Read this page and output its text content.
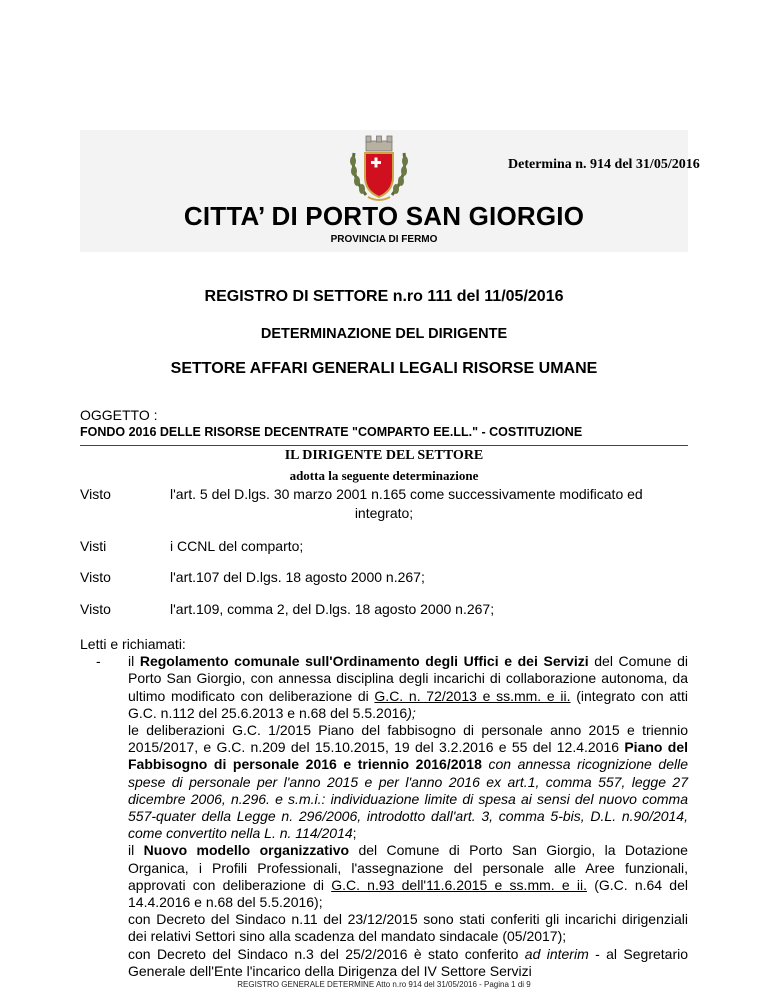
Determina n. 914 del 31/05/2016
CITTA’ DI PORTO SAN GIORGIO
PROVINCIA DI FERMO
REGISTRO DI SETTORE n.ro 111 del 11/05/2016
DETERMINAZIONE DEL DIRIGENTE
SETTORE AFFARI GENERALI LEGALI RISORSE UMANE
OGGETTO :
FONDO 2016 DELLE RISORSE DECENTRATE "COMPARTO EE.LL." - COSTITUZIONE
IL DIRIGENTE DEL SETTORE
adotta la seguente determinazione
Visto	l'art. 5 del D.lgs. 30 marzo 2001 n.165 come successivamente modificato ed
integrato;
Visti	i CCNL del comparto;
Visto	l'art.107 del D.lgs. 18 agosto 2000 n.267;
Visto	l'art.109, comma 2, del D.lgs. 18 agosto 2000 n.267;

Letti e richiamati:

- il Regolamento comunale sull'Ordinamento degli Uffici e dei Servizi del Comune di Porto San Giorgio, con annessa disciplina degli incarichi di collaborazione autonoma, da ultimo modificato con deliberazione di G.C. n. 72/2013 e ss.mm. e ii. (integrato con atti G.C. n.112 del 25.6.2013 e n.68 del 5.5.2016);

le deliberazioni G.C. 1/2015 Piano del fabbisogno di personale anno 2015 e triennio 2015/2017, e G.C. n.209 del 15.10.2015, 19 del 3.2.2016 e 55 del 12.4.2016 Piano del Fabbisogno di personale 2016 e triennio 2016/2018 con annessa ricognizione delle spese di personale per l'anno 2015 e per l'anno 2016 ex art.1, comma 557, legge 27 dicembre 2006, n.296. e s.m.i.: individuazione limite di spesa ai sensi del nuovo comma 557-quater della Legge n. 296/2006, introdotto dall'art. 3, comma 5-bis, D.L. n.90/2014, come convertito nella L. n. 114/2014;

il Nuovo modello organizzativo del Comune di Porto San Giorgio, la Dotazione Organica, i Profili Professionali, l'assegnazione del personale alle Aree funzionali, approvati con deliberazione di G.C. n.93 dell'11.6.2015 e ss.mm. e ii. (G.C. n.64 del 14.4.2016 e n.68 del 5.5.2016);

con Decreto del Sindaco n.11 del 23/12/2015 sono stati conferiti gli incarichi dirigenziali dei relativi Settori sino alla scadenza del mandato sindacale (05/2017);

con Decreto del Sindaco n.3 del 25/2/2016 è stato conferito ad interim - al Segretario Generale dell'Ente l'incarico della Dirigenza del IV Settore Servizi

REGISTRO GENERALE DETERMINE Atto n.ro 914 del 31/05/2016 - Pagina 1 di 9
